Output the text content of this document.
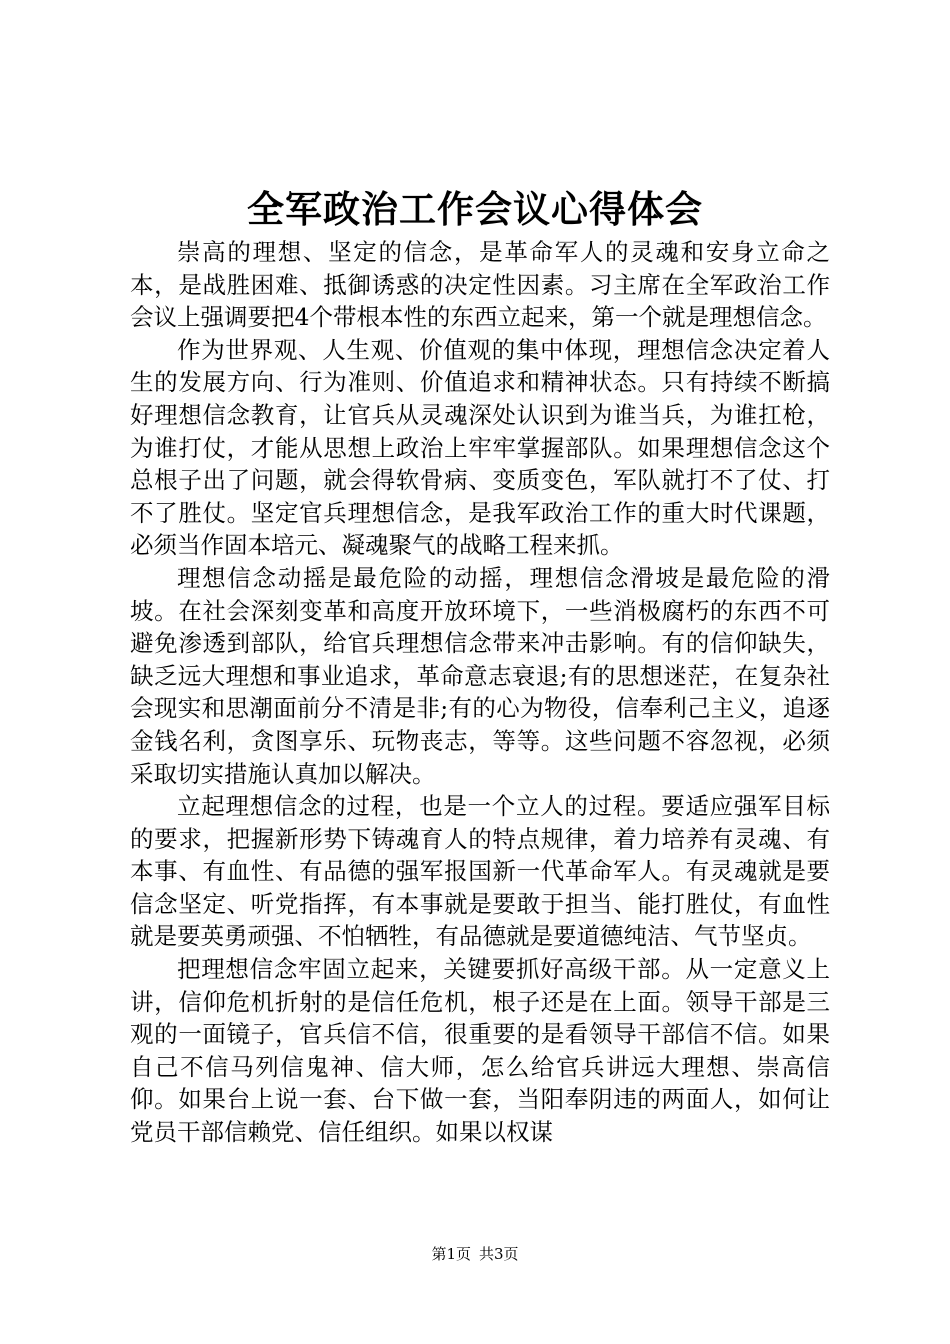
全军政治工作会议心得体会

崇高的理想、坚定的信念，是革命军人的灵魂和安身立命之本，是战胜困难、抵御诱惑的决定性因素。习主席在全军政治工作会议上强调要把4个带根本性的东西立起来，第一个就是理想信念。

作为世界观、人生观、价值观的集中体现，理想信念决定着人生的发展方向、行为准则、价值追求和精神状态。只有持续不断搞好理想信念教育，让官兵从灵魂深处认识到为谁当兵，为谁扛枪，为谁打仗，才能从思想上政治上牢牢掌握部队。如果理想信念这个总根子出了问题，就会得软骨病、变质变色，军队就打不了仗、打不了胜仗。坚定官兵理想信念，是我军政治工作的重大时代课题，必须当作固本培元、凝魂聚气的战略工程来抓。

理想信念动摇是最危险的动摇，理想信念滑坡是最危险的滑坡。在社会深刻变革和高度开放环境下，一些消极腐朽的东西不可避免渗透到部队，给官兵理想信念带来冲击影响。有的信仰缺失，缺乏远大理想和事业追求，革命意志衰退;有的思想迷茫，在复杂社会现实和思潮面前分不清是非;有的心为物役，信奉利己主义，追逐金钱名利，贪图享乐、玩物丧志，等等。这些问题不容忽视，必须采取切实措施认真加以解决。

立起理想信念的过程，也是一个立人的过程。要适应强军目标的要求，把握新形势下铸魂育人的特点规律，着力培养有灵魂、有本事、有血性、有品德的强军报国新一代革命军人。有灵魂就是要信念坚定、听党指挥，有本事就是要敢于担当、能打胜仗，有血性就是要英勇顽强、不怕牺牲，有品德就是要道德纯洁、气节坚贞。

把理想信念牢固立起来，关键要抓好高级干部。从一定意义上讲，信仰危机折射的是信任危机，根子还是在上面。领导干部是三观的一面镜子，官兵信不信，很重要的是看领导干部信不信。如果自己不信马列信鬼神、信大师，怎么给官兵讲远大理想、崇高信仰。如果台上说一套、台下做一套，当阳奉阴违的两面人，如何让党员干部信赖党、信任组织。如果以权谋

第1页 共3页
